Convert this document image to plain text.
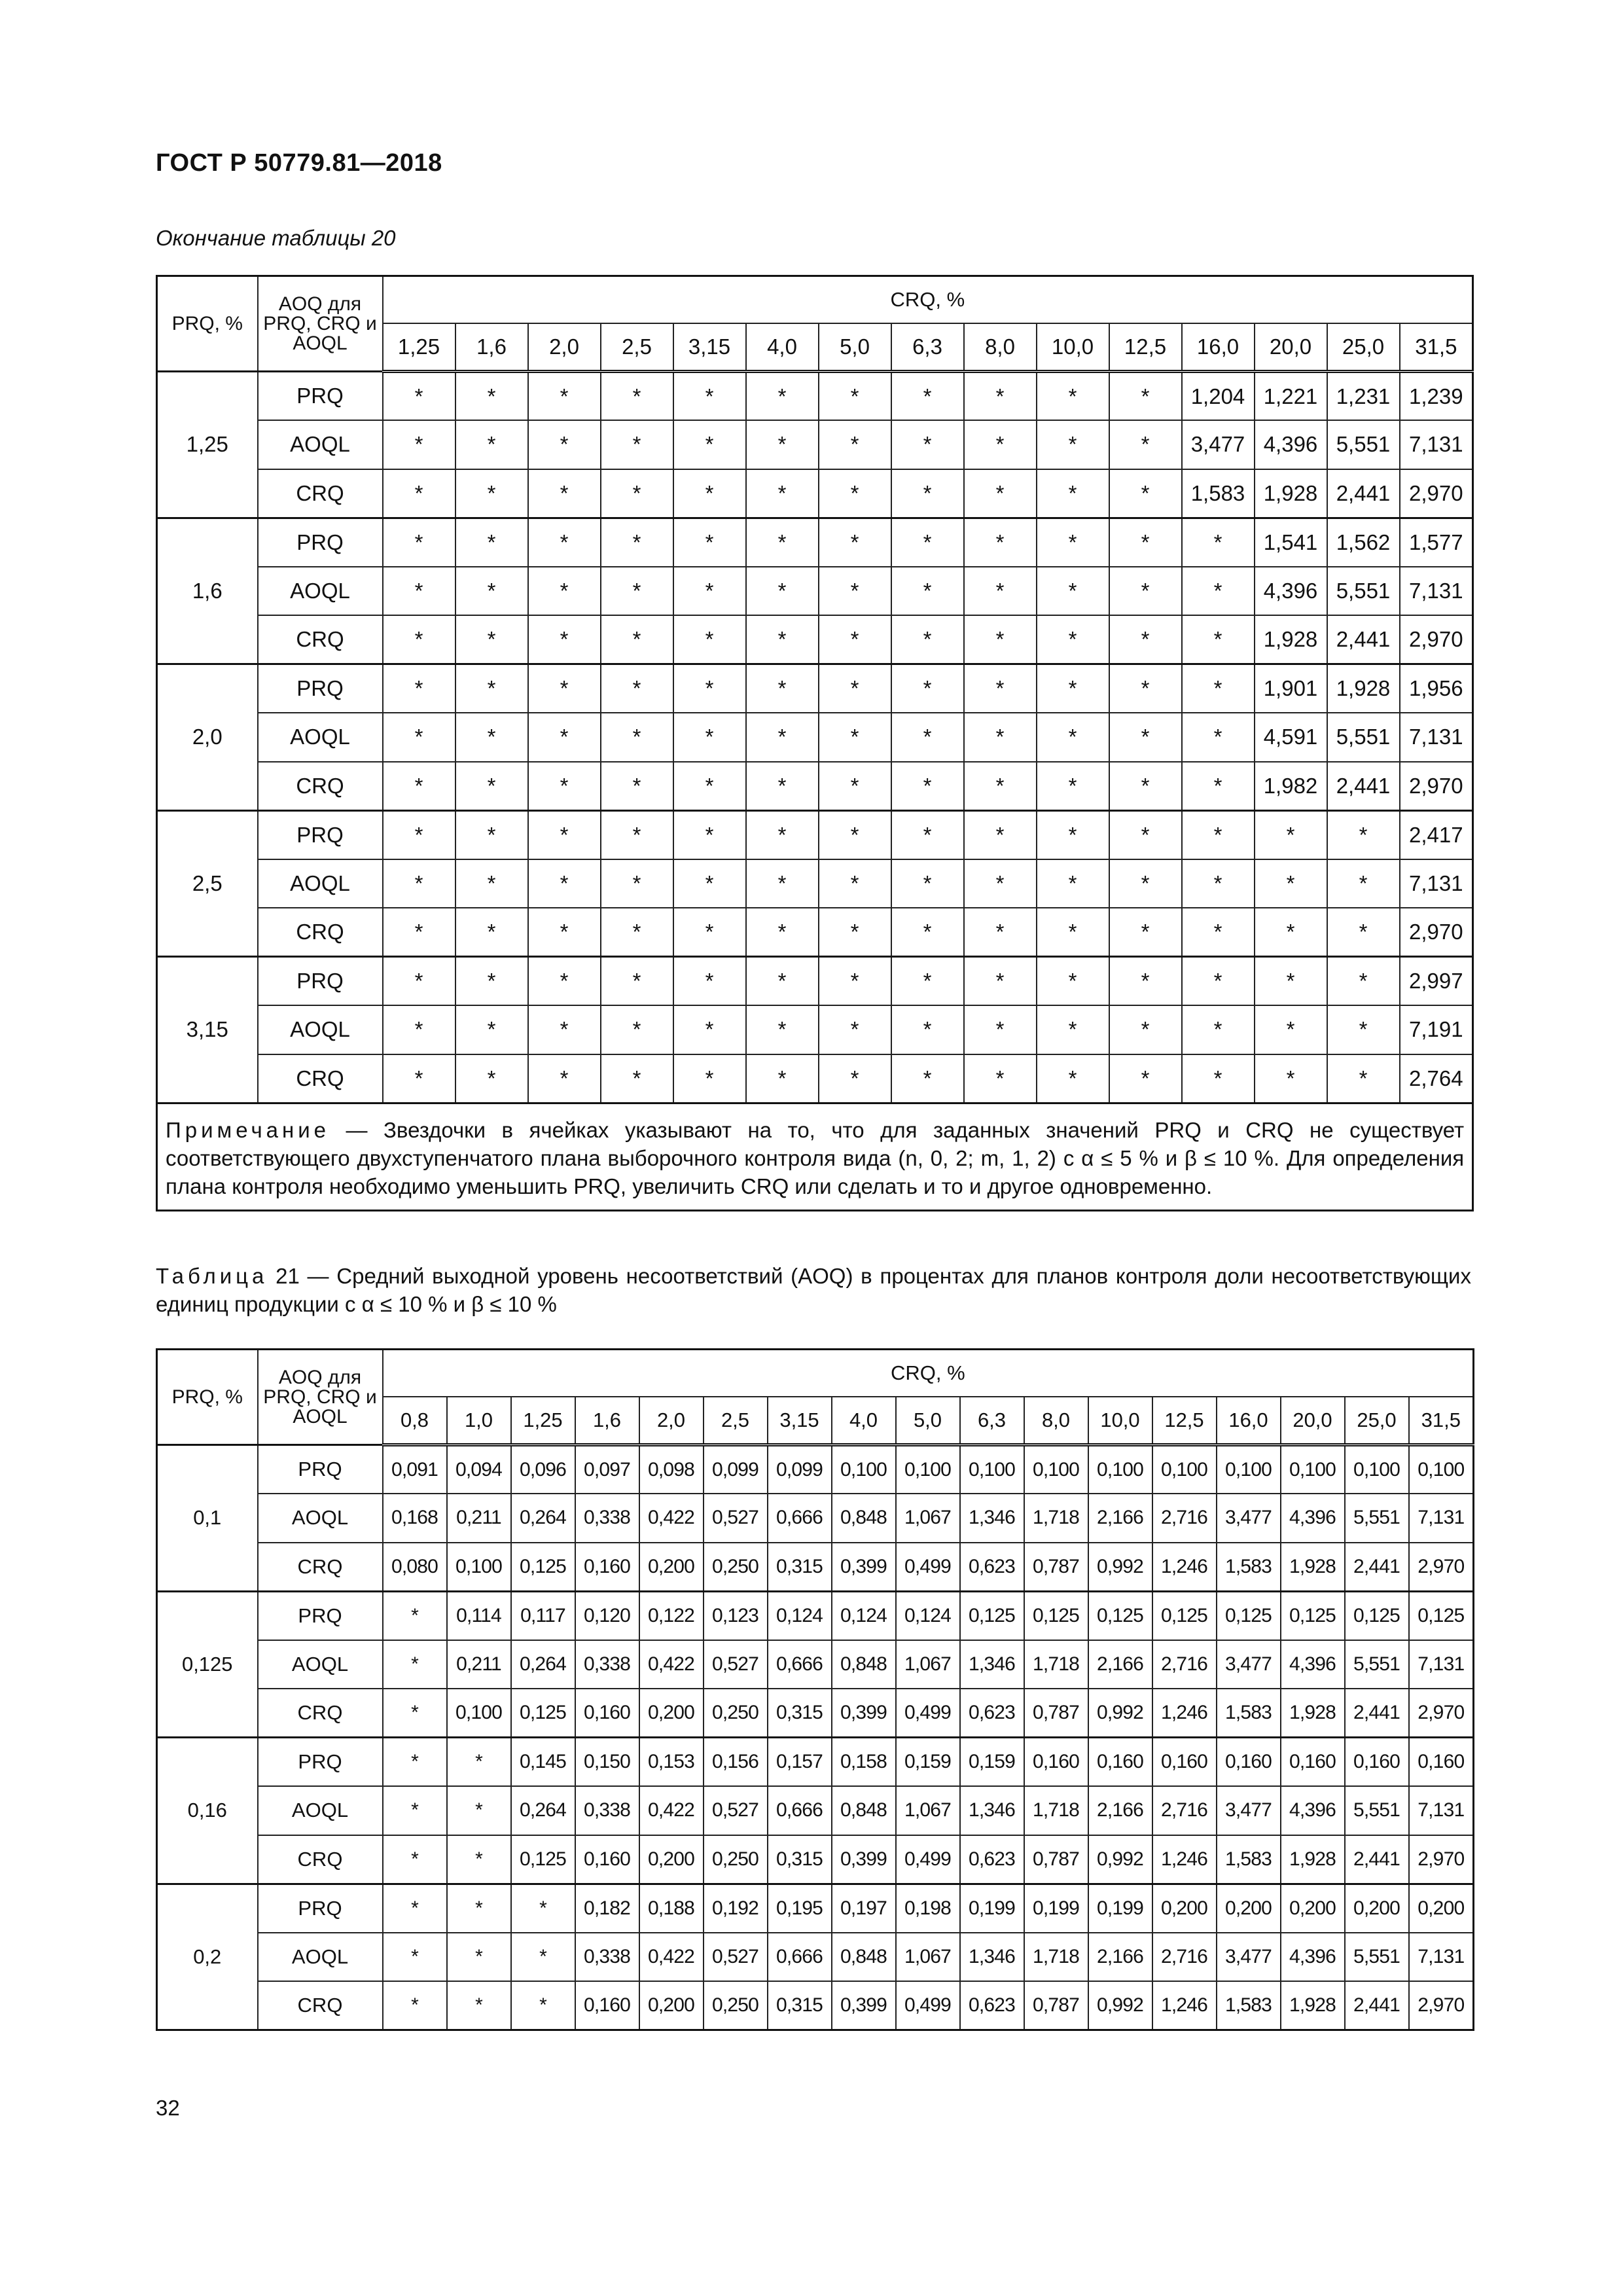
ГОСТ Р 50779.81—2018
Окончание таблицы 20
PRQ, %	AOQ для PRQ, CRQ и AOQL	CRQ, %														
		1,25	1,6	2,0	2,5	3,15	4,0	5,0	6,3	8,0	10,0	12,5	16,0	20,0	25,0	31,5
1,25	PRQ	*	*	*	*	*	*	*	*	*	*	*	1,204	1,221	1,231	1,239
	AOQL	*	*	*	*	*	*	*	*	*	*	*	3,477	4,396	5,551	7,131
	CRQ	*	*	*	*	*	*	*	*	*	*	*	1,583	1,928	2,441	2,970
1,6	PRQ	*	*	*	*	*	*	*	*	*	*	*	*	1,541	1,562	1,577
	AOQL	*	*	*	*	*	*	*	*	*	*	*	*	4,396	5,551	7,131
	CRQ	*	*	*	*	*	*	*	*	*	*	*	*	1,928	2,441	2,970
2,0	PRQ	*	*	*	*	*	*	*	*	*	*	*	*	1,901	1,928	1,956
	AOQL	*	*	*	*	*	*	*	*	*	*	*	*	4,591	5,551	7,131
	CRQ	*	*	*	*	*	*	*	*	*	*	*	*	1,982	2,441	2,970
2,5	PRQ	*	*	*	*	*	*	*	*	*	*	*	*	*	*	2,417
	AOQL	*	*	*	*	*	*	*	*	*	*	*	*	*	*	7,131
	CRQ	*	*	*	*	*	*	*	*	*	*	*	*	*	*	2,970
3,15	PRQ	*	*	*	*	*	*	*	*	*	*	*	*	*	*	2,997
	AOQL	*	*	*	*	*	*	*	*	*	*	*	*	*	*	7,191
	CRQ	*	*	*	*	*	*	*	*	*	*	*	*	*	*	2,764
Примечание — Звездочки в ячейках указывают на то, что для заданных значений PRQ и CRQ не существует соответствующего двухступенчатого плана выборочного контроля вида (n, 0, 2; m, 1, 2) с α ≤ 5 % и β ≤ 10 %. Для определения плана контроля необходимо уменьшить PRQ, увеличить CRQ или сделать и то и другое одновременно.																
Таблица 21 — Средний выходной уровень несоответствий (AOQ) в процентах для планов контроля доли несоответствующих единиц продукции с α ≤ 10 % и β ≤ 10 %
PRQ, %	AOQ для PRQ, CRQ и AOQL	CRQ, %																
		0,8	1,0	1,25	1,6	2,0	2,5	3,15	4,0	5,0	6,3	8,0	10,0	12,5	16,0	20,0	25,0	31,5
0,1	PRQ	0,091	0,094	0,096	0,097	0,098	0,099	0,099	0,100	0,100	0,100	0,100	0,100	0,100	0,100	0,100	0,100	0,100
	AOQL	0,168	0,211	0,264	0,338	0,422	0,527	0,666	0,848	1,067	1,346	1,718	2,166	2,716	3,477	4,396	5,551	7,131
	CRQ	0,080	0,100	0,125	0,160	0,200	0,250	0,315	0,399	0,499	0,623	0,787	0,992	1,246	1,583	1,928	2,441	2,970
0,125	PRQ	*	0,114	0,117	0,120	0,122	0,123	0,124	0,124	0,124	0,125	0,125	0,125	0,125	0,125	0,125	0,125	0,125
	AOQL	*	0,211	0,264	0,338	0,422	0,527	0,666	0,848	1,067	1,346	1,718	2,166	2,716	3,477	4,396	5,551	7,131
	CRQ	*	0,100	0,125	0,160	0,200	0,250	0,315	0,399	0,499	0,623	0,787	0,992	1,246	1,583	1,928	2,441	2,970
0,16	PRQ	*	*	0,145	0,150	0,153	0,156	0,157	0,158	0,159	0,159	0,160	0,160	0,160	0,160	0,160	0,160	0,160
	AOQL	*	*	0,264	0,338	0,422	0,527	0,666	0,848	1,067	1,346	1,718	2,166	2,716	3,477	4,396	5,551	7,131
	CRQ	*	*	0,125	0,160	0,200	0,250	0,315	0,399	0,499	0,623	0,787	0,992	1,246	1,583	1,928	2,441	2,970
0,2	PRQ	*	*	*	0,182	0,188	0,192	0,195	0,197	0,198	0,199	0,199	0,199	0,200	0,200	0,200	0,200	0,200
	AOQL	*	*	*	0,338	0,422	0,527	0,666	0,848	1,067	1,346	1,718	2,166	2,716	3,477	4,396	5,551	7,131
	CRQ	*	*	*	0,160	0,200	0,250	0,315	0,399	0,499	0,623	0,787	0,992	1,246	1,583	1,928	2,441	2,970
32
